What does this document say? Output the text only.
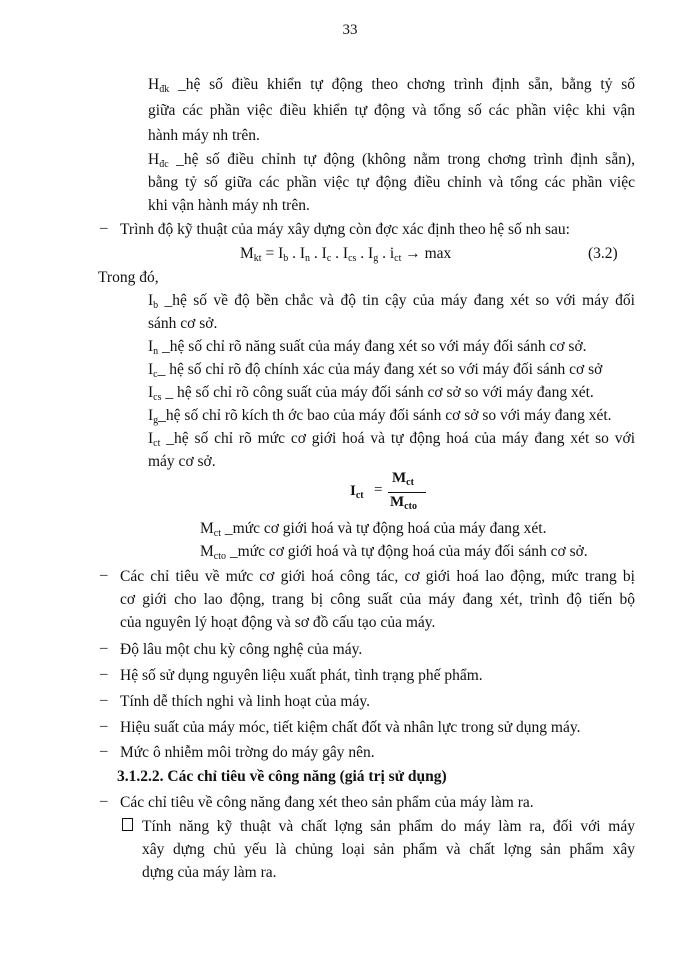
33
$H_{đk}$ _hệ số điều khiển tự động theo chơng trình định sẵn, bằng tỷ số
giữa các phần việc điều khiển tự động và tổng số các phần việc khi vận
hành máy nh trên.
$H_{đc}$ _hệ số điều chỉnh tự động (không nằm trong chơng trình định sẵn),
bằng tỷ số giữa các phần việc tự động điều chỉnh và tổng các phần việc
khi vận hành máy nh trên.
– Trình độ kỹ thuật của máy xây dựng còn đợc xác định theo hệ số nh sau:
$M_{kt} = I_b$ . $I_n$ . $I_c$ . $I_{cs}$ . $I_g$ . $i_{ct} \to \max$	(3.2)
Trong đó,
$I_b$ _hệ số về độ bền chắc và độ tin cậy của máy đang xét so với máy đối
sánh cơ sở.
$I_n$ _hệ số chỉ rõ năng suất của máy đang xét so với máy đối sánh cơ sở.
$I_c\_$ hệ số chỉ rõ độ chính xác của máy đang xét so với máy đối sánh cơ sở
$I_{cs}$ _ hệ số chỉ rõ công suất của máy đối sánh cơ sở so với máy đang xét.
$I_g\_hệ$ số chỉ rõ kích th ớc bao của máy đối sánh cơ sở so với máy đang xét.
$I_{ct}$ _hệ số chỉ rõ mức cơ giới hoá và tự động hoá của máy đang xét so với
máy cơ sở.
$I_{ct}$ =
$M_{ct}$
$M_{cto}$
$M_{ct}$ _mức cơ giới hoá và tự động hoá của máy đang xét.
$M_{cto}$ _mức cơ giới hoá và tự động hoá của máy đối sánh cơ sở.
– Các chỉ tiêu về mức cơ giới hoá công tác, cơ giới hoá lao động, mức trang bị
cơ giới cho lao động, trang bị công suất của máy đang xét, trình độ tiến bộ
của nguyên lý hoạt động và sơ đồ cấu tạo của máy.
– Độ lâu một chu kỳ công nghệ của máy.
– Hệ số sử dụng nguyên liệu xuất phát, tình trạng phế phẩm.
– Tính dễ thích nghi và linh hoạt của máy.
– Hiệu suất của máy móc, tiết kiệm chất đốt và nhân lực trong sử dụng máy.
– Mức ô nhiễm môi trờng do máy gây nên.
3.1.2.2. Các chỉ tiêu về công năng (giá trị sử dụng)
– Các chỉ tiêu về công năng đang xét theo sản phẩm của máy làm ra.
Tính năng kỹ thuật và chất lợng sản phẩm do máy làm ra, đối với máy
xây dựng chủ yếu là chủng loại sản phẩm và chất lợng sản phẩm xây
dựng của máy làm ra.
